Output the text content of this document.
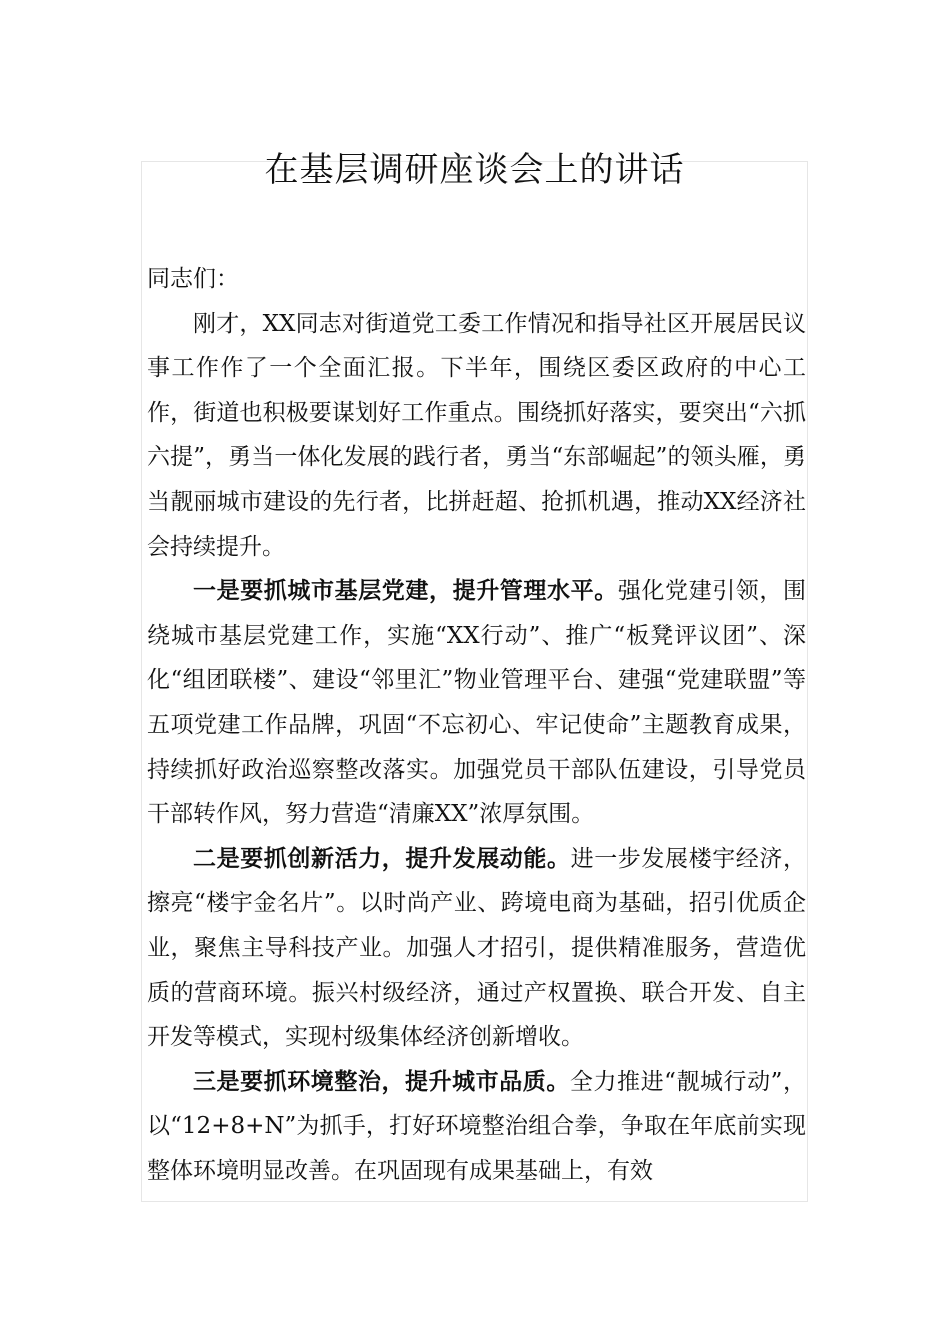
在基层调研座谈会上的讲话

同志们：

刚才，XX同志对街道党工委工作情况和指导社区开展居民议事工作作了一个全面汇报。下半年，围绕区委区政府的中心工作，街道也积极要谋划好工作重点。围绕抓好落实，要突出“六抓六提”，勇当一体化发展的践行者，勇当“东部崛起”的领头雁，勇当靓丽城市建设的先行者，比拼赶超、抢抓机遇，推动XX经济社会持续提升。

一是要抓城市基层党建，提升管理水平。强化党建引领，围绕城市基层党建工作，实施“XX行动”、推广“板凳评议团”、深化“组团联楼”、建设“邻里汇”物业管理平台、建强“党建联盟”等五项党建工作品牌，巩固“不忘初心、牢记使命”主题教育成果，持续抓好政治巡察整改落实。加强党员干部队伍建设，引导党员干部转作风，努力营造“清廉XX”浓厚氛围。

二是要抓创新活力，提升发展动能。进一步发展楼宇经济，擦亮“楼宇金名片”。以时尚产业、跨境电商为基础，招引优质企业，聚焦主导科技产业。加强人才招引，提供精准服务，营造优质的营商环境。振兴村级经济，通过产权置换、联合开发、自主开发等模式，实现村级集体经济创新增收。

三是要抓环境整治，提升城市品质。全力推进“靓城行动”，以“12+8+N”为抓手，打好环境整治组合拳，争取在年底前实现整体环境明显改善。在巩固现有成果基础上，有效
